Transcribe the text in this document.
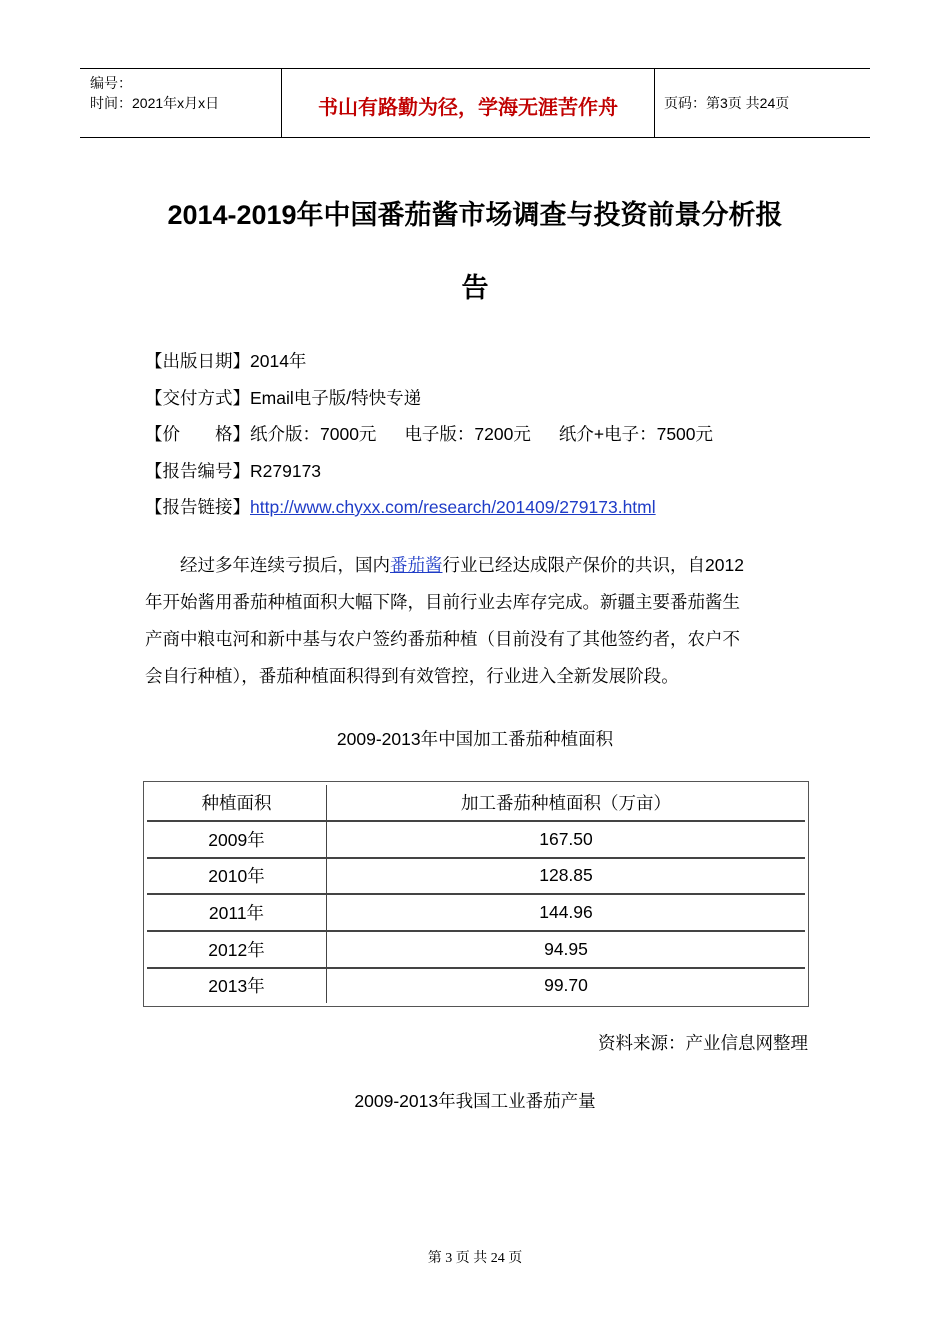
编号：
时间：2021年x月x日	书山有路勤为径，学海无涯苦作舟	页码：第3页 共24页
2014-2019年中国番茄酱市场调查与投资前景分析报
告
【出版日期】2014年
【交付方式】Email电子版/特快专递
【价　　格】纸介版：7000元 电子版：7200元 纸介+电子：7500元
【报告编号】R279173
【报告链接】http://www.chyxx.com/research/201409/279173.html

经过多年连续亏损后，国内番茄酱行业已经达成限产保价的共识，自2012

年开始酱用番茄种植面积大幅下降，目前行业去库存完成。新疆主要番茄酱生
产商中粮屯河和新中基与农户签约番茄种植（目前没有了其他签约者，农户不
会自行种植），番茄种植面积得到有效管控，行业进入全新发展阶段。
2009-2013年中国加工番茄种植面积
种植面积	加工番茄种植面积（万亩）
2009年	167.50
2010年	128.85
2011年	144.96
2012年	94.95
2013年	99.70
资料来源：产业信息网整理
2009-2013年我国工业番茄产量
第 3 页 共 24 页
